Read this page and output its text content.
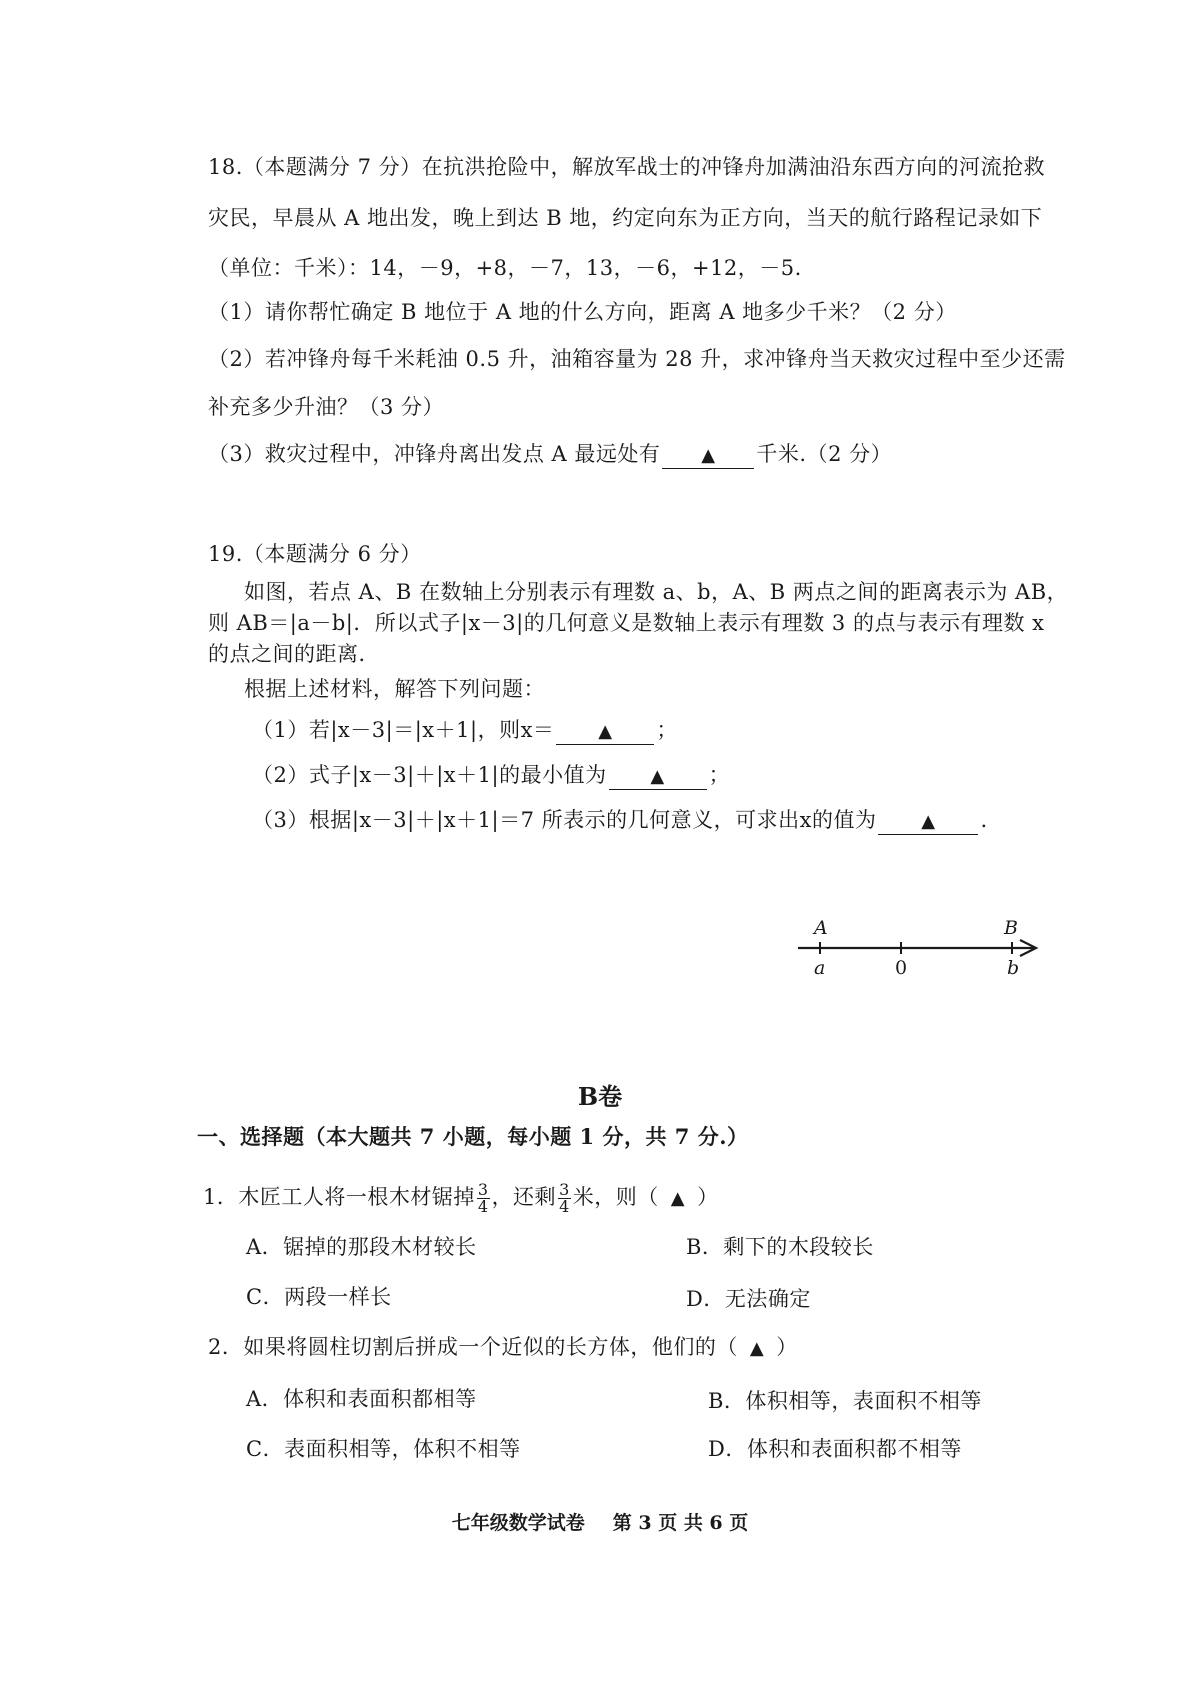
18.（本题满分 7 分）在抗洪抢险中，解放军战士的冲锋舟加满油沿东西方向的河流抢救
灾民，早晨从 A 地出发，晚上到达 B 地，约定向东为正方向，当天的航行路程记录如下
（单位：千米）：14，－9，+8，－7，13，－6，+12，－5.
（1）请你帮忙确定 B 地位于 A 地的什么方向，距离 A 地多少千米？（2 分）
（2）若冲锋舟每千米耗油 0.5 升，油箱容量为 28 升，求冲锋舟当天救灾过程中至少还需
补充多少升油？（3 分）
（3）救灾过程中，冲锋舟离出发点 A 最远处有 ▲ 千米.（2 分）
19.（本题满分 6 分）
如图，若点 A、B 在数轴上分别表示有理数 a、b，A、B 两点之间的距离表示为 AB，
则 AB＝|a－b|．所以式子|x－3|的几何意义是数轴上表示有理数 3 的点与表示有理数 x
的点之间的距离．
根据上述材料，解答下列问题：
（1）若|x－3|＝|x＋1|，则x＝ ▲ ；
（2）式子|x－3|＋|x＋1|的最小值为 ▲ ；
（3）根据|x－3|＋|x＋1|＝7 所表示的几何意义，可求出x的值为 ▲ .
A	B
a	0	b
B卷
一、选择题（本大题共 7 小题，每小题 1 分，共 7 分.）
1．木匠工人将一根木材锯掉 $\frac{3}{4}$ ，还剩 $\frac{3}{4}$ 米，则（ ▲ ）
A．锯掉的那段木材较长	B．剩下的木段较长
C．两段一样长	D．无法确定
2．如果将圆柱切割后拼成一个近似的长方体，他们的（ ▲ ）
A．体积和表面积都相等	B．体积相等，表面积不相等
C．表面积相等，体积不相等	D．体积和表面积都不相等
七年级数学试卷 第 3 页 共 6 页
